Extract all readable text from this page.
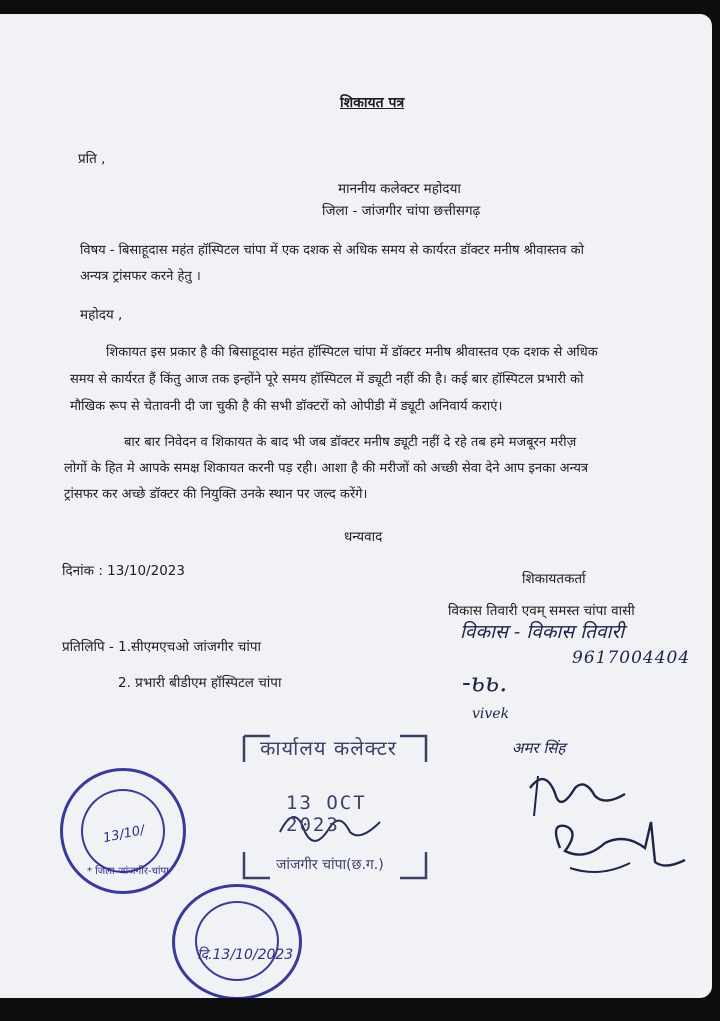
शिकायत पत्र
प्रति ,
माननीय कलेक्टर महोदया
जिला - जांजगीर चांपा छत्तीसगढ़
विषय - बिसाहूदास महंत हॉस्पिटल चांपा में एक दशक से अधिक समय से कार्यरत डॉक्टर मनीष श्रीवास्तव को
अन्यत्र ट्रांसफर करने हेतु ।
महोदय ,
शिकायत इस प्रकार है की बिसाहूदास महंत हॉस्पिटल चांपा में डॉक्टर मनीष श्रीवास्तव एक दशक से अधिक
समय से कार्यरत हैं किंतु आज तक इन्होंने पूरे समय हॉस्पिटल में ड्यूटी नहीं की है। कई बार हॉस्पिटल प्रभारी को
मौखिक रूप से चेतावनी दी जा चुकी है की सभी डॉक्टरों को ओपीडी में ड्यूटी अनिवार्य कराएं।
बार बार निवेदन व शिकायत के बाद भी जब डॉक्टर मनीष ड्यूटी नहीं दे रहे तब हमे मजबूरन मरीज़
लोगों के हित मे आपके समक्ष शिकायत करनी पड़ रही। आशा है की मरीजों को अच्छी सेवा देने आप इनका अन्यत्र
ट्रांसफर कर अच्छे डॉक्टर की नियुक्ति उनके स्थान पर जल्द करेंगे।
धन्यवाद
दिनांक : 13/10/2023	शिकायतकर्ता
विकास तिवारी एवम् समस्त चांपा वासी
प्रतिलिपि - 1.सीएमएचओ जांजगीर चांपा
2. प्रभारी बीडीएम हॉस्पिटल चांपा
विकास - विकास तिवारी
9617004404
-ьь.
vivek
अमर सिंह
कार्यालय कलेक्टर
13 OCT 2023
जांजगीर चांपा(छ.ग.)
* जिला-जांजगीर-चांपा
13/10/
दि.13/10/2023
